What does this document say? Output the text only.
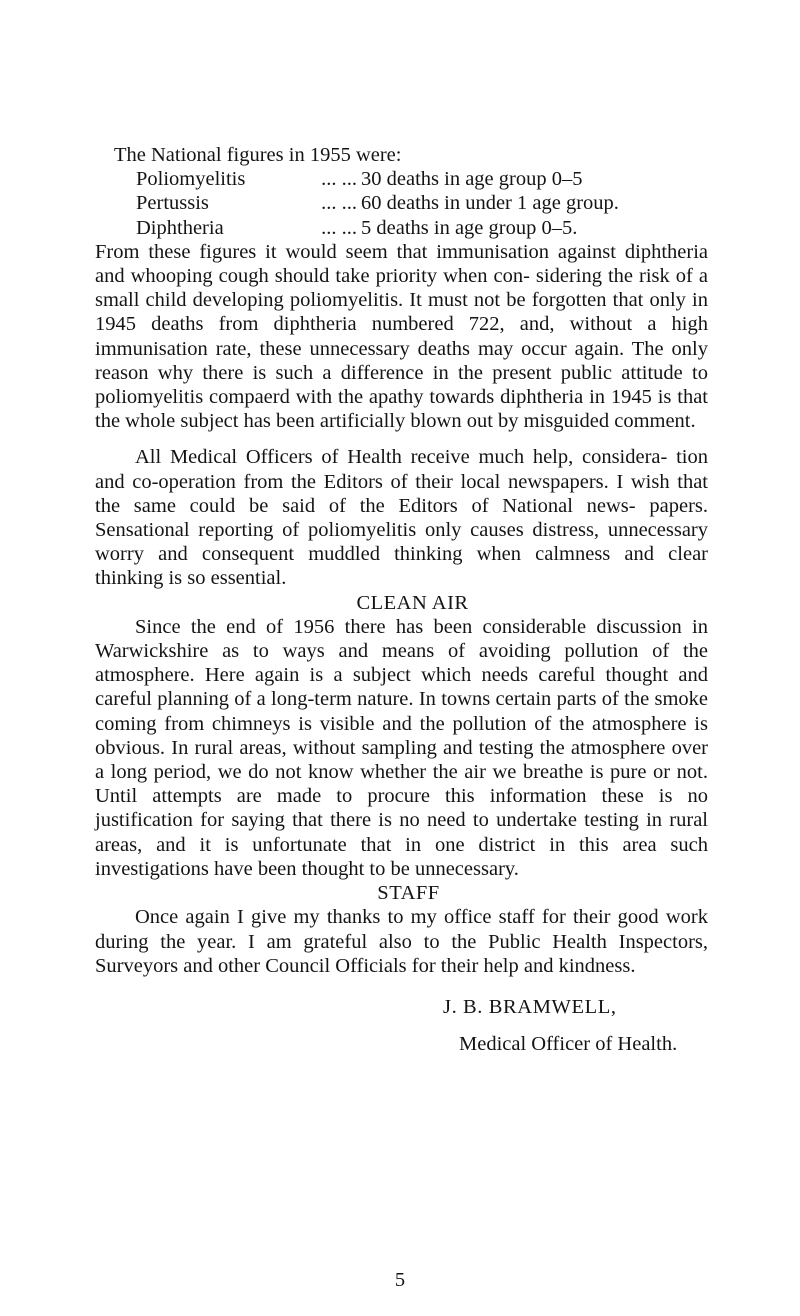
The National figures in 1955 were:
Poliomyelitis	... ... 30 deaths in age group 0–5
Pertussis	... ... 60 deaths in under 1 age group.
Diphtheria	... ... 5 deaths in age group 0–5.

From these figures it would seem that immunisation against diphtheria and whooping cough should take priority when con- sidering the risk of a small child developing poliomyelitis. It must not be forgotten that only in 1945 deaths from diphtheria numbered 722, and, without a high immunisation rate, these unnecessary deaths may occur again. The only reason why there is such a difference in the present public attitude to poliomyelitis compaerd with the apathy towards diphtheria in 1945 is that the whole subject has been artificially blown out by misguided comment.

All Medical Officers of Health receive much help, considera- tion and co-operation from the Editors of their local newspapers. I wish that the same could be said of the Editors of National news- papers. Sensational reporting of poliomyelitis only causes distress, unnecessary worry and consequent muddled thinking when calmness and clear thinking is so essential.

CLEAN AIR

Since the end of 1956 there has been considerable discussion in Warwickshire as to ways and means of avoiding pollution of the atmosphere. Here again is a subject which needs careful thought and careful planning of a long-term nature. In towns certain parts of the smoke coming from chimneys is visible and the pollution of the atmosphere is obvious. In rural areas, without sampling and testing the atmosphere over a long period, we do not know whether the air we breathe is pure or not. Until attempts are made to procure this information these is no justification for saying that there is no need to undertake testing in rural areas, and it is unfortunate that in one district in this area such investigations have been thought to be unnecessary.

STAFF

Once again I give my thanks to my office staff for their good work during the year. I am grateful also to the Public Health Inspectors, Surveyors and other Council Officials for their help and kindness.

J. B. BRAMWELL,
Medical Officer of Health.
5
